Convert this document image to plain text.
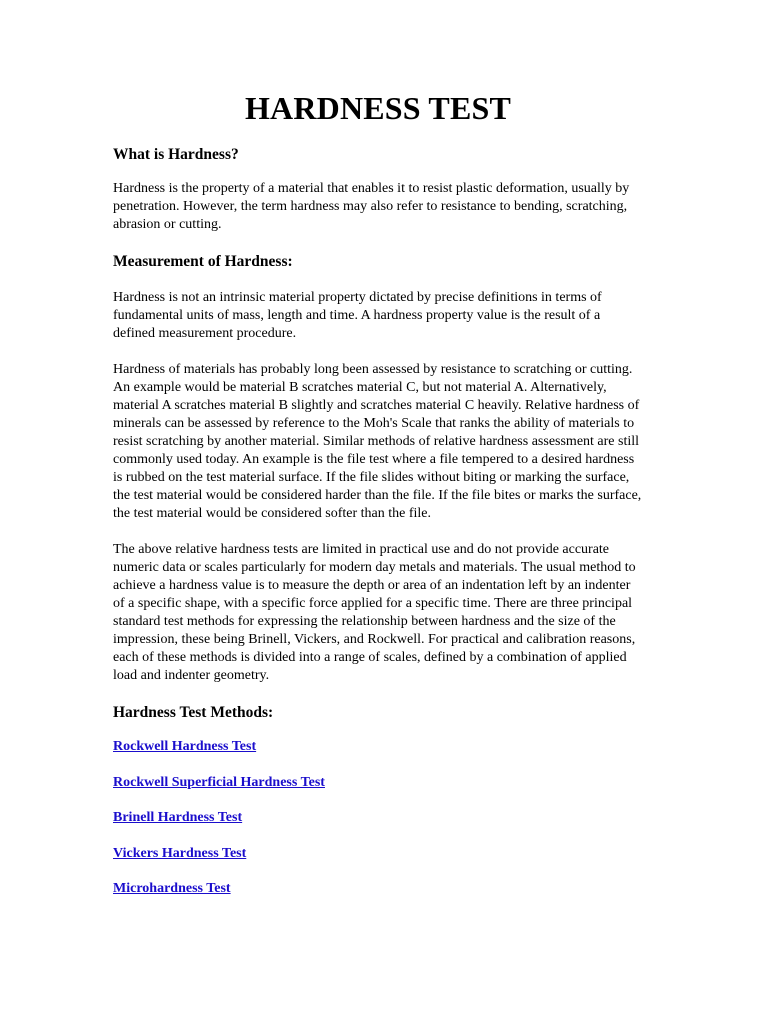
HARDNESS TEST
What is Hardness?

Hardness is the property of a material that enables it to resist plastic deformation, usually by penetration. However, the term hardness may also refer to resistance to bending, scratching, abrasion or cutting.

Measurement of Hardness:

Hardness is not an intrinsic material property dictated by precise definitions in terms of fundamental units of mass, length and time. A hardness property value is the result of a defined measurement procedure.

Hardness of materials has probably long been assessed by resistance to scratching or cutting. An example would be material B scratches material C, but not material A. Alternatively, material A scratches material B slightly and scratches material C heavily. Relative hardness of minerals can be assessed by reference to the Moh's Scale that ranks the ability of materials to resist scratching by another material. Similar methods of relative hardness assessment are still commonly used today. An example is the file test where a file tempered to a desired hardness is rubbed on the test material surface. If the file slides without biting or marking the surface, the test material would be considered harder than the file. If the file bites or marks the surface, the test material would be considered softer than the file.

The above relative hardness tests are limited in practical use and do not provide accurate numeric data or scales particularly for modern day metals and materials. The usual method to achieve a hardness value is to measure the depth or area of an indentation left by an indenter of a specific shape, with a specific force applied for a specific time. There are three principal standard test methods for expressing the relationship between hardness and the size of the impression, these being Brinell, Vickers, and Rockwell. For practical and calibration reasons, each of these methods is divided into a range of scales, defined by a combination of applied load and indenter geometry.

Hardness Test Methods:
Rockwell Hardness Test
Rockwell Superficial Hardness Test
Brinell Hardness Test
Vickers Hardness Test
Microhardness Test
